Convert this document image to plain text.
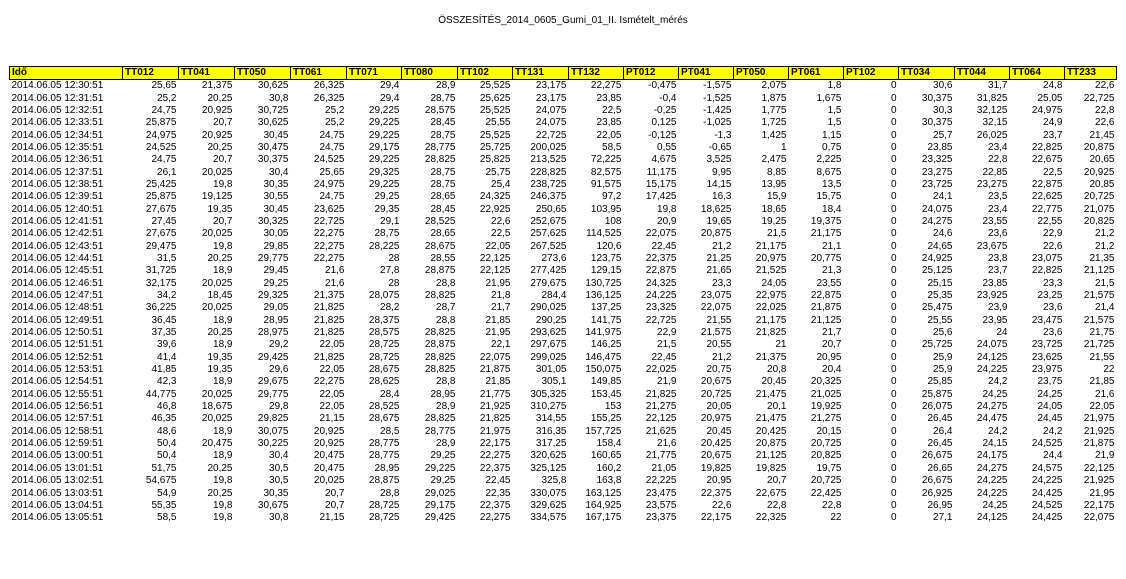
ÖSSZESÍTÉS_2014_0605_Gumi_01_II. Ismételt_mérés
Idő	TT012	TT041	TT050	TT061	TT071	TT080	TT102	TT131	TT132	PT012	PT041	PT050	PT061	PT102	TT034	TT044	TT064	TT233
2014.06.05 12:30:51	25,65	21,375	30,625	26,325	29,4	28,9	25,525	23,175	22,275	-0,475	-1,575	2,075	1,8	0	30,6	31,7	24,8	22,6
2014.06.05 12:31:51	25,2	20,25	30,8	26,325	29,4	28,75	25,625	23,175	23,85	-0,4	-1,525	1,875	1,675	0	30,375	31,825	25,05	22,725
2014.06.05 12:32:51	24,75	20,925	30,725	25,2	29,225	28,575	25,525	24,075	22,5	-0,25	-1,425	1,775	1,5	0	30,3	32,125	24,975	22,8
2014.06.05 12:33:51	25,875	20,7	30,625	25,2	29,225	28,45	25,55	24,075	23,85	0,125	-1,025	1,725	1,5	0	30,375	32,15	24,9	22,6
2014.06.05 12:34:51	24,975	20,925	30,45	24,75	29,225	28,75	25,525	22,725	22,05	-0,125	-1,3	1,425	1,15	0	25,7	26,025	23,7	21,45
2014.06.05 12:35:51	24,525	20,25	30,475	24,75	29,175	28,775	25,725	200,025	58,5	0,55	-0,65	1	0,75	0	23,85	23,4	22,825	20,875
2014.06.05 12:36:51	24,75	20,7	30,375	24,525	29,225	28,825	25,825	213,525	72,225	4,675	3,525	2,475	2,225	0	23,325	22,8	22,675	20,65
2014.06.05 12:37:51	26,1	20,025	30,4	25,65	29,325	28,75	25,75	228,825	82,575	11,175	9,95	8,85	8,675	0	23,275	22,85	22,5	20,925
2014.06.05 12:38:51	25,425	19,8	30,35	24,975	29,225	28,75	25,4	238,725	91,575	15,175	14,15	13,95	13,5	0	23,725	23,275	22,875	20,85
2014.06.05 12:39:51	25,875	19,125	30,55	24,75	29,25	28,65	24,325	246,375	97,2	17,425	16,3	15,9	15,75	0	24,1	23,5	22,625	20,725
2014.06.05 12:40:51	27,675	19,35	30,45	23,625	29,35	28,45	22,925	250,65	103,95	19,8	18,625	18,65	18,4	0	24,075	23,4	22,775	21,075
2014.06.05 12:41:51	27,45	20,7	30,325	22,725	29,1	28,525	22,6	252,675	108	20,9	19,65	19,25	19,375	0	24,275	23,55	22,55	20,825
2014.06.05 12:42:51	27,675	20,025	30,05	22,275	28,75	28,65	22,5	257,625	114,525	22,075	20,875	21,5	21,175	0	24,6	23,6	22,9	21,2
2014.06.05 12:43:51	29,475	19,8	29,85	22,275	28,225	28,675	22,05	267,525	120,6	22,45	21,2	21,175	21,1	0	24,65	23,675	22,6	21,2
2014.06.05 12:44:51	31,5	20,25	29,775	22,275	28	28,55	22,125	273,6	123,75	22,375	21,25	20,975	20,775	0	24,925	23,8	23,075	21,35
2014.06.05 12:45:51	31,725	18,9	29,45	21,6	27,8	28,875	22,125	277,425	129,15	22,875	21,65	21,525	21,3	0	25,125	23,7	22,825	21,125
2014.06.05 12:46:51	32,175	20,025	29,25	21,6	28	28,8	21,95	279,675	130,725	24,325	23,3	24,05	23,55	0	25,15	23,85	23,3	21,5
2014.06.05 12:47:51	34,2	18,45	29,325	21,375	28,075	28,825	21,8	284,4	136,125	24,225	23,075	22,975	22,875	0	25,35	23,925	23,25	21,575
2014.06.05 12:48:51	36,225	20,025	29,05	21,825	28,2	28,7	21,7	290,025	137,25	23,325	22,075	22,025	21,875	0	25,475	23,9	23,6	21,4
2014.06.05 12:49:51	36,45	18,9	28,95	21,825	28,375	28,8	21,85	290,25	141,75	22,725	21,55	21,175	21,125	0	25,55	23,95	23,475	21,575
2014.06.05 12:50:51	37,35	20,25	28,975	21,825	28,575	28,825	21,95	293,625	141,975	22,9	21,575	21,825	21,7	0	25,6	24	23,6	21,75
2014.06.05 12:51:51	39,6	18,9	29,2	22,05	28,725	28,875	22,1	297,675	146,25	21,5	20,55	21	20,7	0	25,725	24,075	23,725	21,725
2014.06.05 12:52:51	41,4	19,35	29,425	21,825	28,725	28,825	22,075	299,025	146,475	22,45	21,2	21,375	20,95	0	25,9	24,125	23,625	21,55
2014.06.05 12:53:51	41,85	19,35	29,6	22,05	28,675	28,825	21,875	301,05	150,075	22,025	20,75	20,8	20,4	0	25,9	24,225	23,975	22
2014.06.05 12:54:51	42,3	18,9	29,675	22,275	28,625	28,8	21,85	305,1	149,85	21,9	20,675	20,45	20,325	0	25,85	24,2	23,75	21,85
2014.06.05 12:55:51	44,775	20,025	29,775	22,05	28,4	28,95	21,775	305,325	153,45	21,825	20,725	21,475	21,025	0	25,875	24,25	24,25	21,6
2014.06.05 12:56:51	46,8	18,675	29,8	22,05	28,525	28,9	21,925	310,275	153	21,275	20,05	20,1	19,925	0	26,075	24,275	24,05	22,05
2014.06.05 12:57:51	46,35	20,025	29,825	21,15	28,675	28,825	21,825	314,55	155,25	22,125	20,975	21,475	21,275	0	26,45	24,475	24,45	21,975
2014.06.05 12:58:51	48,6	18,9	30,075	20,925	28,5	28,775	21,975	316,35	157,725	21,625	20,45	20,425	20,15	0	26,4	24,2	24,2	21,925
2014.06.05 12:59:51	50,4	20,475	30,225	20,925	28,775	28,9	22,175	317,25	158,4	21,6	20,425	20,875	20,725	0	26,45	24,15	24,525	21,875
2014.06.05 13:00:51	50,4	18,9	30,4	20,475	28,775	29,25	22,275	320,625	160,65	21,775	20,675	21,125	20,825	0	26,675	24,175	24,4	21,9
2014.06.05 13:01:51	51,75	20,25	30,5	20,475	28,95	29,225	22,375	325,125	160,2	21,05	19,825	19,825	19,75	0	26,65	24,275	24,575	22,125
2014.06.05 13:02:51	54,675	19,8	30,5	20,025	28,875	29,25	22,45	325,8	163,8	22,225	20,95	20,7	20,725	0	26,675	24,225	24,225	21,925
2014.06.05 13:03:51	54,9	20,25	30,35	20,7	28,8	29,025	22,35	330,075	163,125	23,475	22,375	22,675	22,425	0	26,925	24,225	24,425	21,95
2014.06.05 13:04:51	55,35	19,8	30,675	20,7	28,725	29,175	22,375	329,625	164,925	23,575	22,6	22,8	22,8	0	26,95	24,25	24,525	22,175
2014.06.05 13:05:51	58,5	19,8	30,8	21,15	28,725	29,425	22,275	334,575	167,175	23,375	22,175	22,325	22	0	27,1	24,125	24,425	22,075
